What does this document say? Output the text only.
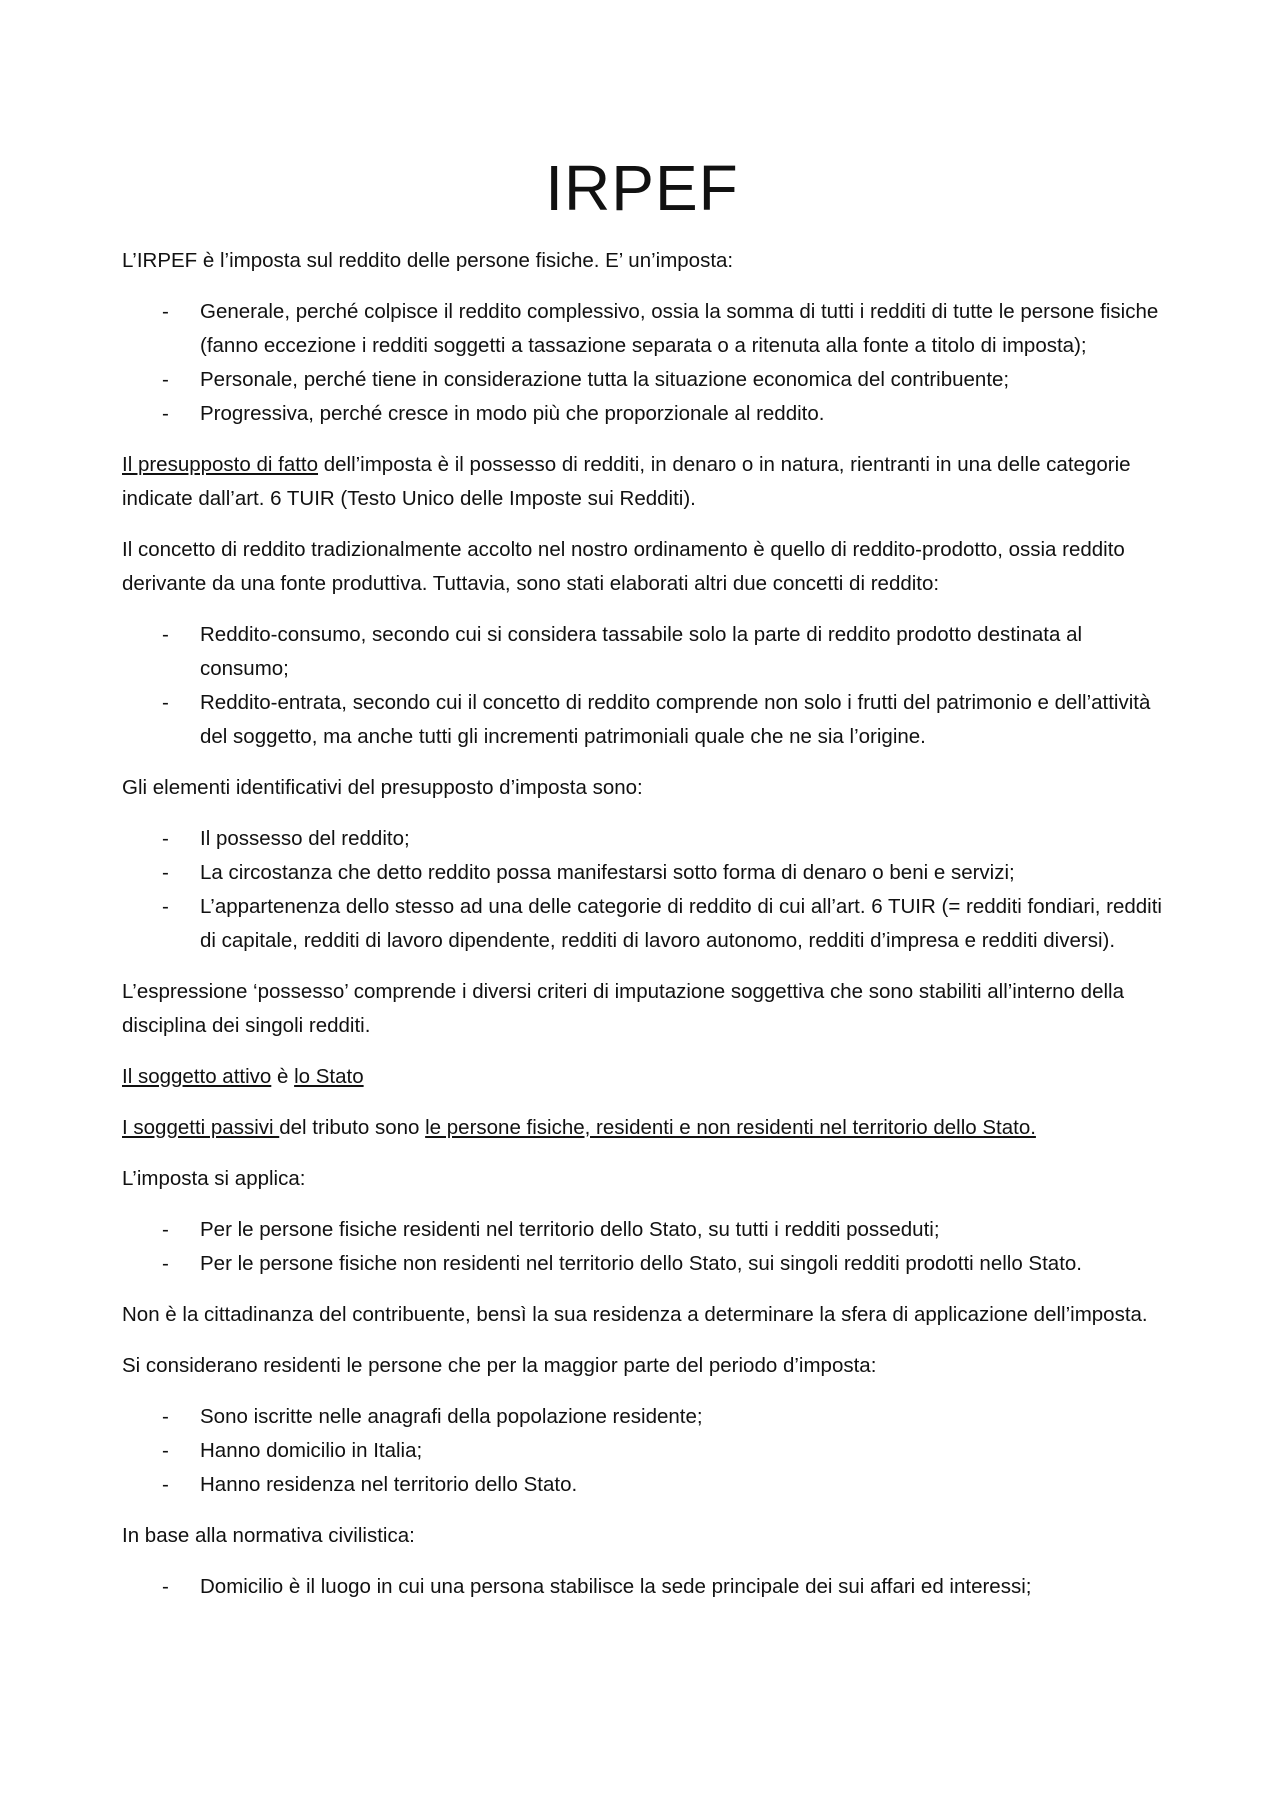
IRPEF

L’IRPEF è l’imposta sul reddito delle persone fisiche. E’ un’imposta:

- Generale, perché colpisce il reddito complessivo, ossia la somma di tutti i redditi di tutte le persone fisiche (fanno eccezione i redditi soggetti a tassazione separata o a ritenuta alla fonte a titolo di imposta);
- Personale, perché tiene in considerazione tutta la situazione economica del contribuente;
- Progressiva, perché cresce in modo più che proporzionale al reddito.

Il presupposto di fatto dell’imposta è il possesso di redditi, in denaro o in natura, rientranti in una delle categorie indicate dall’art. 6 TUIR (Testo Unico delle Imposte sui Redditi).

Il concetto di reddito tradizionalmente accolto nel nostro ordinamento è quello di reddito-prodotto, ossia reddito derivante da una fonte produttiva. Tuttavia, sono stati elaborati altri due concetti di reddito:

- Reddito-consumo, secondo cui si considera tassabile solo la parte di reddito prodotto destinata al consumo;
- Reddito-entrata, secondo cui il concetto di reddito comprende non solo i frutti del patrimonio e dell’attività del soggetto, ma anche tutti gli incrementi patrimoniali quale che ne sia l’origine.

Gli elementi identificativi del presupposto d’imposta sono:

- Il possesso del reddito;
- La circostanza che detto reddito possa manifestarsi sotto forma di denaro o beni e servizi;
- L’appartenenza dello stesso ad una delle categorie di reddito di cui all’art. 6 TUIR (= redditi fondiari, redditi di capitale, redditi di lavoro dipendente, redditi di lavoro autonomo, redditi d’impresa e redditi diversi).

L’espressione ‘possesso’ comprende i diversi criteri di imputazione soggettiva che sono stabiliti all’interno della disciplina dei singoli redditi.

Il soggetto attivo è lo Stato

I soggetti passivi del tributo sono le persone fisiche, residenti e non residenti nel territorio dello Stato.

L’imposta si applica:

- Per le persone fisiche residenti nel territorio dello Stato, su tutti i redditi posseduti;
- Per le persone fisiche non residenti nel territorio dello Stato, sui singoli redditi prodotti nello Stato.

Non è la cittadinanza del contribuente, bensì la sua residenza a determinare la sfera di applicazione dell’imposta.

Si considerano residenti le persone che per la maggior parte del periodo d’imposta:

- Sono iscritte nelle anagrafi della popolazione residente;
- Hanno domicilio in Italia;
- Hanno residenza nel territorio dello Stato.

In base alla normativa civilistica:

- Domicilio è il luogo in cui una persona stabilisce la sede principale dei sui affari ed interessi;
